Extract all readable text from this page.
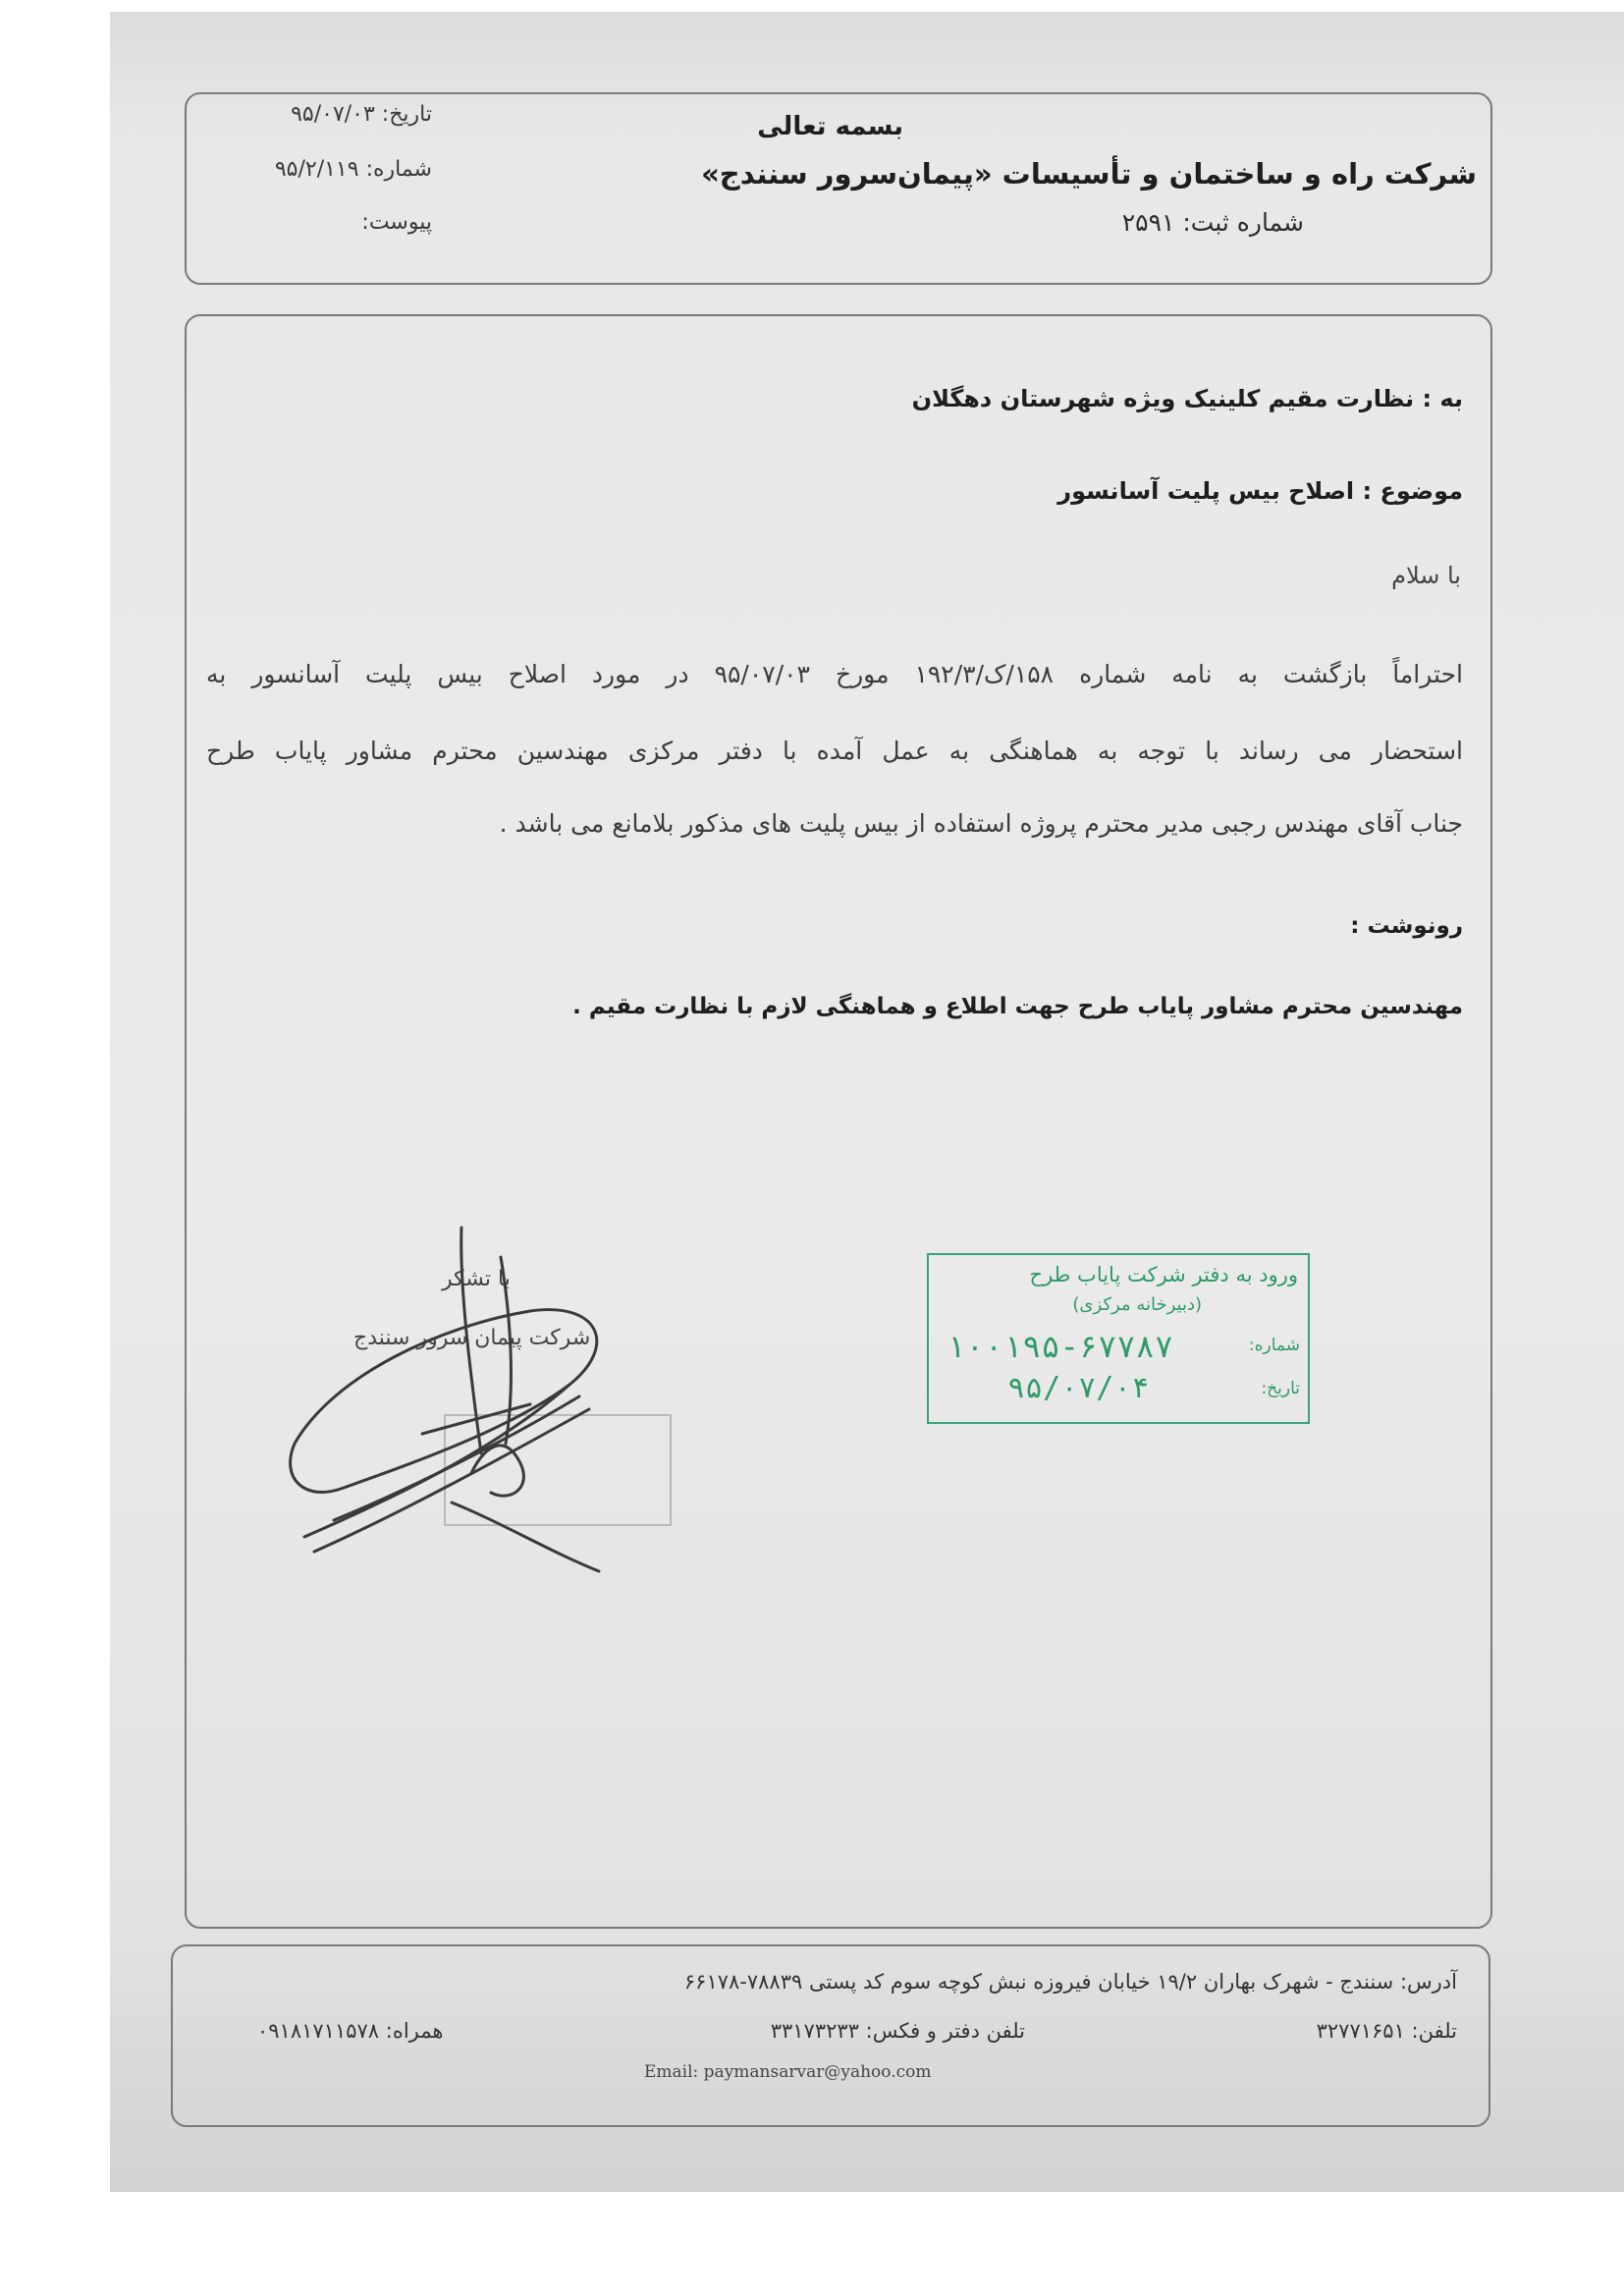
بسمه تعالی
شرکت راه و ساختمان و تأسیسات «پیمان‌سرور سنندج»
شماره ثبت: ۲۵۹۱
تاریخ: ۹۵/۰۷/۰۳
شماره: ۹۵/۲/۱۱۹
پیوست:
به : نظارت مقیم کلینیک ویژه شهرستان دهگلان
موضوع : اصلاح بیس پلیت آسانسور
با سلام
احتراماً بازگشت به نامه شماره ۱۵۸/ک/۱۹۲/۳ مورخ ۹۵/۰۷/۰۳ در مورد اصلاح بیس پلیت آسانسور به
استحضار می رساند با توجه به هماهنگی به عمل آمده با دفتر مرکزی مهندسین محترم مشاور پایاب طرح
جناب آقای مهندس رجبی مدیر محترم پروژه استفاده از بیس پلیت های مذکور بلامانع می باشد .
رونوشت :
مهندسین محترم مشاور پایاب طرح جهت اطلاع و هماهنگی لازم با نظارت مقیم .
با تشکر
شرکت پیمان سرور سنندج
ورود به دفتر شرکت پایاب طرح
(دبیرخانه مرکزی)
شماره:
۱۰۰۱۹۵-۶۷۷۸۷
تاریخ:
۹۵/۰۷/۰۴
آدرس: سنندج - شهرک بهاران ۱۹/۲ خیابان فیروزه نبش کوچه سوم کد پستی ۷۸۸۳۹-۶۶۱۷۸
تلفن: ۳۲۷۷۱۶۵۱
تلفن دفتر و فکس: ۳۳۱۷۳۲۳۳
همراه: ۰۹۱۸۱۷۱۱۵۷۸
Email: paymansarvar@yahoo.com
